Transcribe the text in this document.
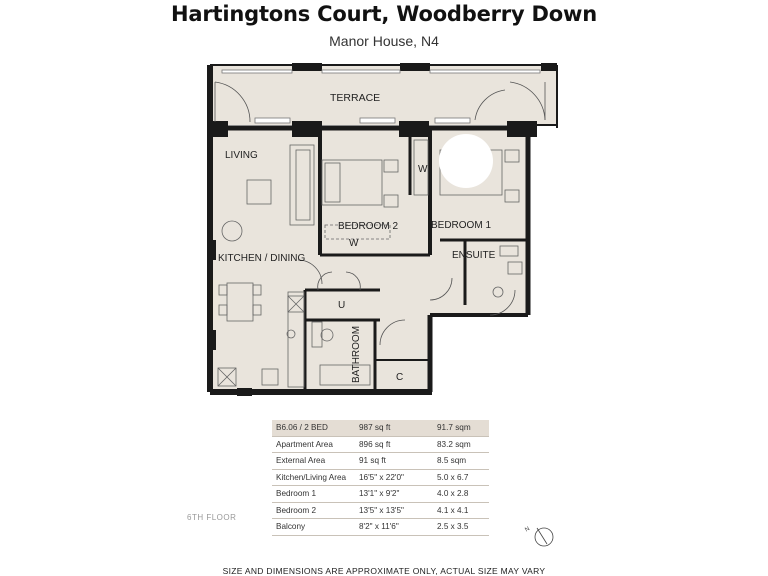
Hartingtons Court, Woodberry Down
Manor House, N4
TERRACE
LIVING
BEDROOM 2	BEDROOM 1
KITCHEN / DINING	ENSUITE
W
W
U
C
BATHROOM
B6.06 / 2 BED	987 sq ft	91.7 sqm
Apartment Area	896 sq ft	83.2 sqm
External Area	91 sq ft	8.5 sqm
Kitchen/Living Area	16'5" x 22'0"	5.0 x 6.7
Bedroom 1	13'1" x 9'2"	4.0 x 2.8
Bedroom 2	13'5" x 13'5"	4.1 x 4.1
Balcony	8'2" x 11'6"	2.5 x 3.5
6TH FLOOR
N
SIZE AND DIMENSIONS ARE APPROXIMATE ONLY, ACTUAL SIZE MAY VARY
